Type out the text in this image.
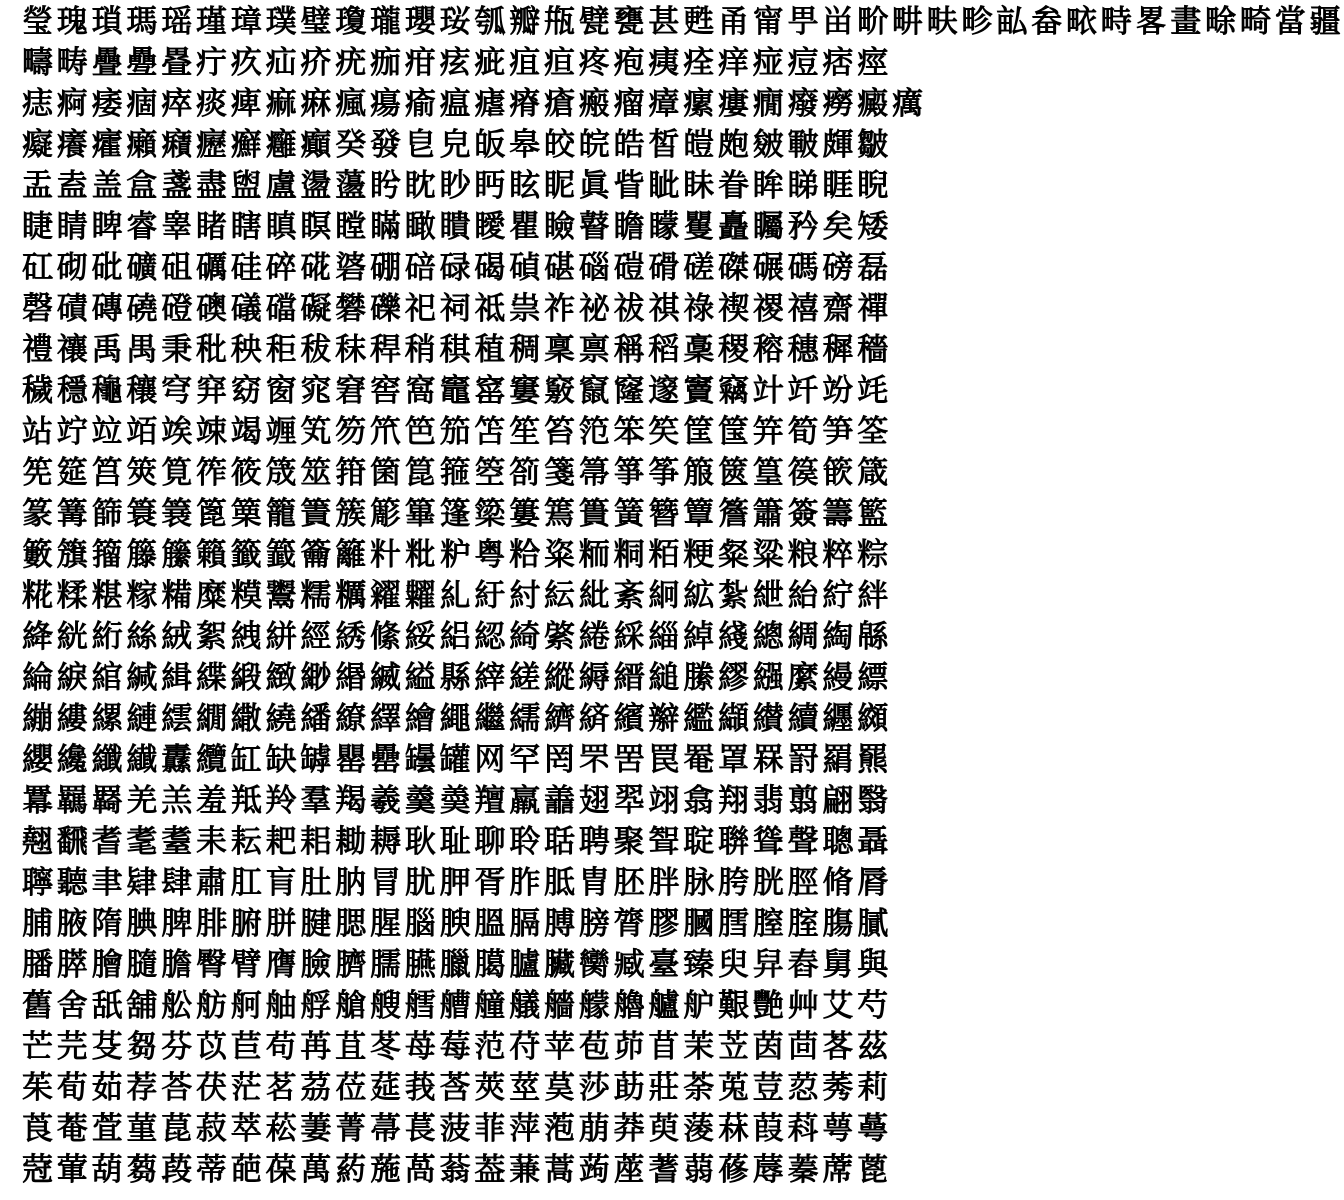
瑩瑰瑣瑪瑶瑾璋璞璧瓊瓏瓔珱瓠瓣甁甓甕甚甦甬甯甼畄畍畊畉畛畆畚畩畤畧畫畭畸當疆

疇畴疊疉疂疔疚疝疥疣痂疳痃疵疽疸疼疱痍痊痒痖痘痞痙

痣痾痿痼瘁痰痺痲痳瘋瘍瘉瘟瘧瘠瘡瘢瘤瘴瘰瘻癇癈癆癜癘

癡癢癨癩癪癧癬癰癲癸發皀皃皈皋皎皖皓皙皚皰皴皸皹皺

盂盍盖盒盞盡盥盧盪蘯盻眈眇眄眩眤眞眥眦眛眷眸睇睚睨

睫睛睥睿睾睹瞎瞋瞑瞠瞞瞰瞶瞹瞿瞼瞽瞻矇矍矗矚矜矣矮

矼砌砒礦砠礪硅碎硴碆硼碚碌碣碵碪碯磑磆磋磔碾碼磅磊

磬磧磚磽磴礇礒礑礙礬礫祀祠祗祟祚祕祓祺祿禊禝禧齋禪

禮禳禹禺秉秕秧秬秡秣稈稍稘稙稠稟禀稱稻稾稷穃穗穉穡

穢穩龝穰穹穽窈窗窕窘窖窩竈窰窶竅竄窿邃竇竊竍竏竕竓

站竚竝竡竢竦竭竰笂笏笊笆笳笘笙笞笵笨笶筐筺笄筍笋筌

筅筵筥筴筧筰筱筬筮箝箘箟箍箜箚箋箒箏筝箙篋篁篌篏箴

篆篝篩簑簔篦篥籠簀簇簓篳篷簗簍篶簣簧簪簟簷簫簽籌籃

籔籏籀籐籘籟籤籖籥籬籵粃粐粤粭粢粫粡粨粳粲粱粮粹粽

糀糅糂糘糒糜糢鬻糯糲糴糶糺紆紂紜紕紊絅絋紮紲紿紵絆

絳絖絎絲絨絮絏絣經綉絛綏絽綛綺綮綣綵緇綽綫總綢綯緜

綸綟綰緘緝緤緞緻緲緡縅縊縣縡縒縱縟縉縋縢繆繦縻縵縹

繃縷縲縺繧繝繖繞繙繚繹繪繩繼繻纃緕繽辮繿纈纉續纒纐

纓纔纖纎纛纜缸缺罅罌罍罎罐网罕罔罘罟罠罨罩罧罸羂羆

羃羈羇羌羔羞羝羚羣羯羲羹羮羶羸譱翅翆翊翕翔翡翦翩翳

翹飜耆耄耋耒耘耙耜耡耨耿耻聊聆聒聘聚聟聢聨聳聲聰聶

聹聽聿肄肆肅肛肓肚肭冐肬胛胥胙胝胄胚胖脉胯胱脛脩脣

脯腋隋腆脾腓腑胼腱腮腥腦腴膃膈膊膀膂膠膕膤膣腟膓膩

膰膵膾膸膽臀臂膺臉臍臑臙臘臈臚臟臠臧臺臻臾舁舂舅與

舊舍舐舖舩舫舸舳艀艙艘艝艚艟艤艢艨艪艫舮艱艷艸艾芍

芒芫芟芻芬苡苣苟苒苴苳苺莓范苻苹苞茆苜茉苙茵茴茖茲

茱荀茹荐荅茯茫茗茘莅莚莪莟莢莖茣莎莇莊荼莵荳荵莠莉

莨菴萓菫菎菽萃菘萋菁菷萇菠菲萍萢萠莽萸蔆菻葭萪萼蕚

蒄葷葫蒭葮蒂葩葆萬葯葹萵蓊葢蒹蒿蒟蓙蓍蒻蓚蓐蓁蓆蓖
